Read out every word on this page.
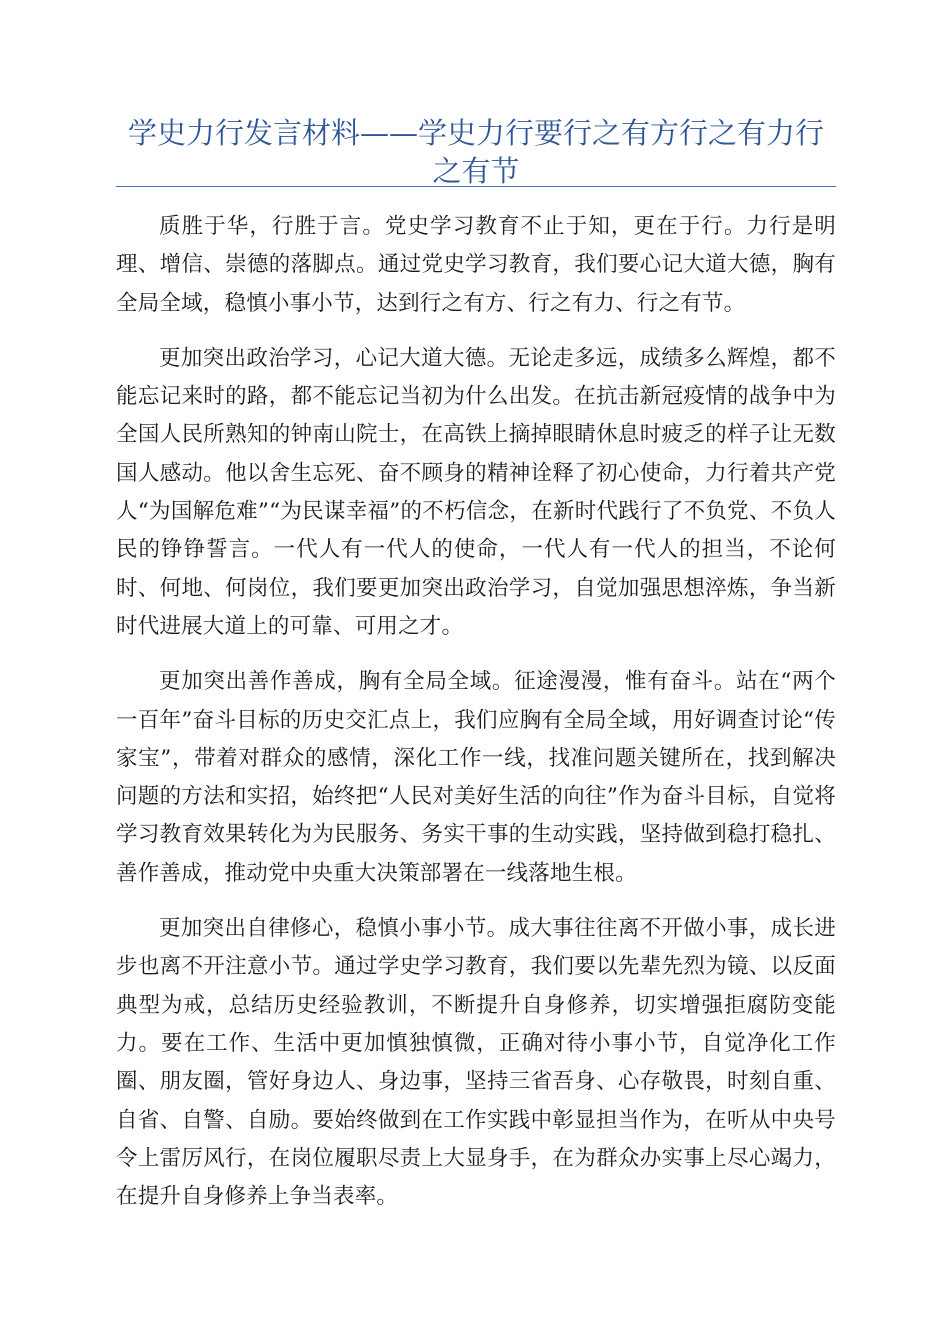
学史力行发言材料——学史力行要行之有方行之有力行之有节

质胜于华，行胜于言。党史学习教育不止于知，更在于行。力行是明理、增信、崇德的落脚点。通过党史学习教育，我们要心记大道大德，胸有全局全域，稳慎小事小节，达到行之有方、行之有力、行之有节。

更加突出政治学习，心记大道大德。无论走多远，成绩多么辉煌，都不能忘记来时的路，都不能忘记当初为什么出发。在抗击新冠疫情的战争中为全国人民所熟知的钟南山院士，在高铁上摘掉眼睛休息时疲乏的样子让无数国人感动。他以舍生忘死、奋不顾身的精神诠释了初心使命，力行着共产党人“为国解危难”“为民谋幸福”的不朽信念，在新时代践行了不负党、不负人民的铮铮誓言。一代人有一代人的使命，一代人有一代人的担当，不论何时、何地、何岗位，我们要更加突出政治学习，自觉加强思想淬炼，争当新时代进展大道上的可靠、可用之才。

更加突出善作善成，胸有全局全域。征途漫漫，惟有奋斗。站在“两个一百年”奋斗目标的历史交汇点上，我们应胸有全局全域，用好调查讨论“传家宝”，带着对群众的感情，深化工作一线，找准问题关键所在，找到解决问题的方法和实招，始终把“人民对美好生活的向往”作为奋斗目标，自觉将学习教育效果转化为为民服务、务实干事的生动实践，坚持做到稳打稳扎、善作善成，推动党中央重大决策部署在一线落地生根。

更加突出自律修心，稳慎小事小节。成大事往往离不开做小事，成长进步也离不开注意小节。通过学史学习教育，我们要以先辈先烈为镜、以反面典型为戒，总结历史经验教训，不断提升自身修养，切实增强拒腐防变能力。要在工作、生活中更加慎独慎微，正确对待小事小节，自觉净化工作圈、朋友圈，管好身边人、身边事，坚持三省吾身、心存敬畏，时刻自重、自省、自警、自励。要始终做到在工作实践中彰显担当作为，在听从中央号令上雷厉风行，在岗位履职尽责上大显身手，在为群众办实事上尽心竭力，在提升自身修养上争当表率。
